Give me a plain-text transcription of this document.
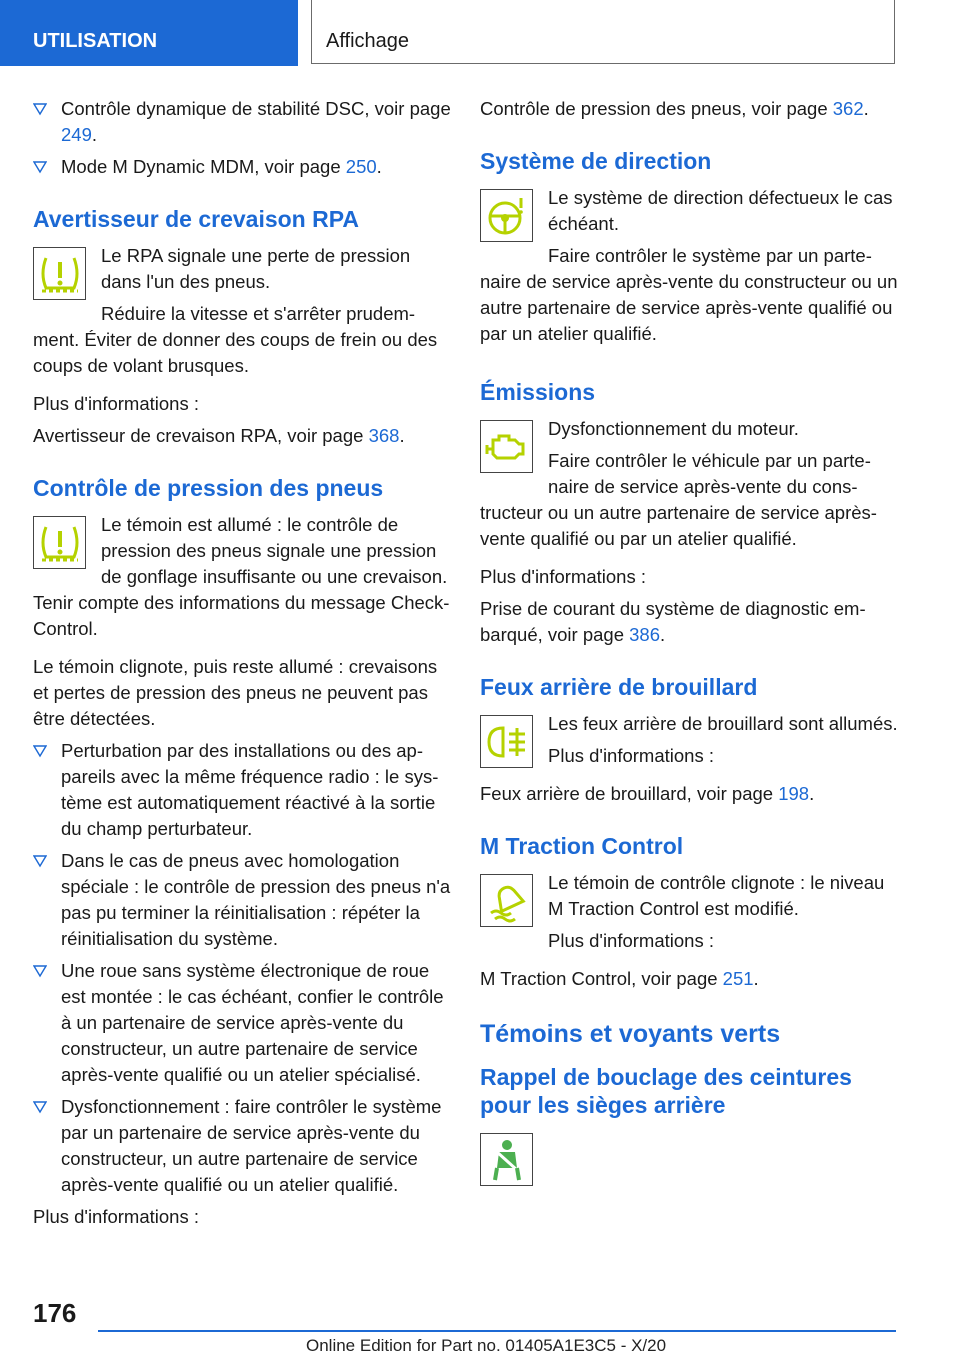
UTILISATION	Affichage
Contrôle dynamique de stabilité DSC, voir page 249.
Mode M Dynamic MDM, voir page 250.
Avertisseur de crevaison RPA

Le RPA signale une perte de pression dans l'un des pneus.

Réduire la vitesse et s'arrêter prudemment. Éviter de donner des coups de frein ou des coups de volant brusques.

Plus d'informations :

Avertisseur de crevaison RPA, voir page 368.

Contrôle de pression des pneus

Le témoin est allumé : le contrôle de pression des pneus signale une pression de gonflage insuffisante ou une crevaison. Tenir compte des informations du message Check-Control.

Le témoin clignote, puis reste allumé : crevaisons et pertes de pression des pneus ne peuvent pas être détectées.

Perturbation par des installations ou des appareils avec la même fréquence radio : le système est automatiquement réactivé à la sortie du champ perturbateur.
Dans le cas de pneus avec homologation spéciale : le contrôle de pression des pneus n'a pas pu terminer la réinitialisation : répéter la réinitialisation du système.
Une roue sans système électronique de roue est montée : le cas échéant, confier le contrôle à un partenaire de service après-vente du constructeur, un autre partenaire de service après-vente qualifié ou un atelier spécialisé.
Dysfonctionnement : faire contrôler le système par un partenaire de service après-vente du constructeur, un autre partenaire de service après-vente qualifié ou un atelier qualifié.

Plus d'informations :

Contrôle de pression des pneus, voir page 362.

Système de direction

Le système de direction défectueux le cas échéant.

Faire contrôler le système par un partenaire de service après-vente du constructeur ou un autre partenaire de service après-vente qualifié ou par un atelier qualifié.

Émissions

Dysfonctionnement du moteur.

Faire contrôler le véhicule par un partenaire de service après-vente du constructeur ou un autre partenaire de service après-vente qualifié ou par un atelier qualifié.

Plus d'informations :

Prise de courant du système de diagnostic embarqué, voir page 386.

Feux arrière de brouillard

Les feux arrière de brouillard sont allumés.

Plus d'informations :

Feux arrière de brouillard, voir page 198.

M Traction Control

Le témoin de contrôle clignote : le niveau M Traction Control est modifié.

Plus d'informations :

M Traction Control, voir page 251.

Témoins et voyants verts
Rappel de bouclage des ceintures pour les sièges arrière
176
Online Edition for Part no. 01405A1E3C5 - X/20
